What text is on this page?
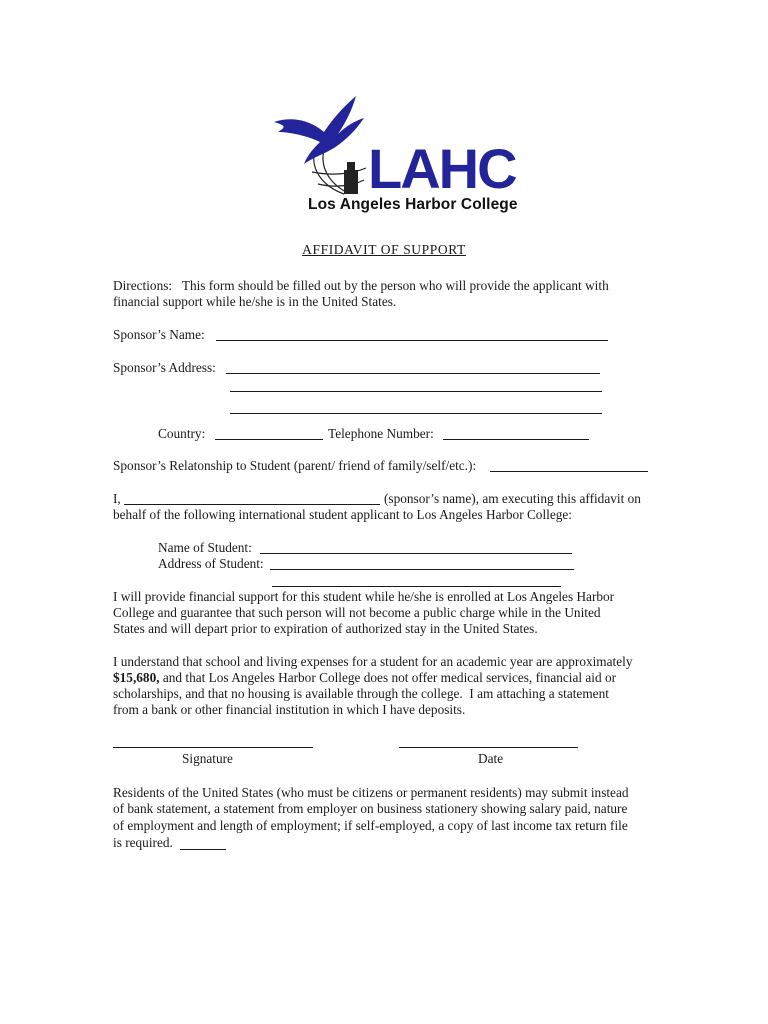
LAHC
Los Angeles Harbor College
AFFIDAVIT OF SUPPORT
Directions:   This form should be filled out by the person who will provide the applicant with
financial support while he/she is in the United States.
Sponsor’s Name:
Sponsor’s Address:
Country:	Telephone Number:
Sponsor’s Relatonship to Student (parent/ friend of family/self/etc.):
I,	(sponsor’s name), am executing this affidavit on
behalf of the following international student applicant to Los Angeles Harbor College:
Name of Student:
Address of Student:
I will provide financial support for this student while he/she is enrolled at Los Angeles Harbor
College and guarantee that such person will not become a public charge while in the United
States and will depart prior to expiration of authorized stay in the United States.
I understand that school and living expenses for a student for an academic year are approximately
$15,680, and that Los Angeles Harbor College does not offer medical services, financial aid or
scholarships, and that no housing is available through the college.  I am attaching a statement
from a bank or other financial institution in which I have deposits.
Signature	Date
Residents of the United States (who must be citizens or permanent residents) may submit instead
of bank statement, a statement from employer on business stationery showing salary paid, nature
of employment and length of employment; if self-employed, a copy of last income tax return file
is required.
